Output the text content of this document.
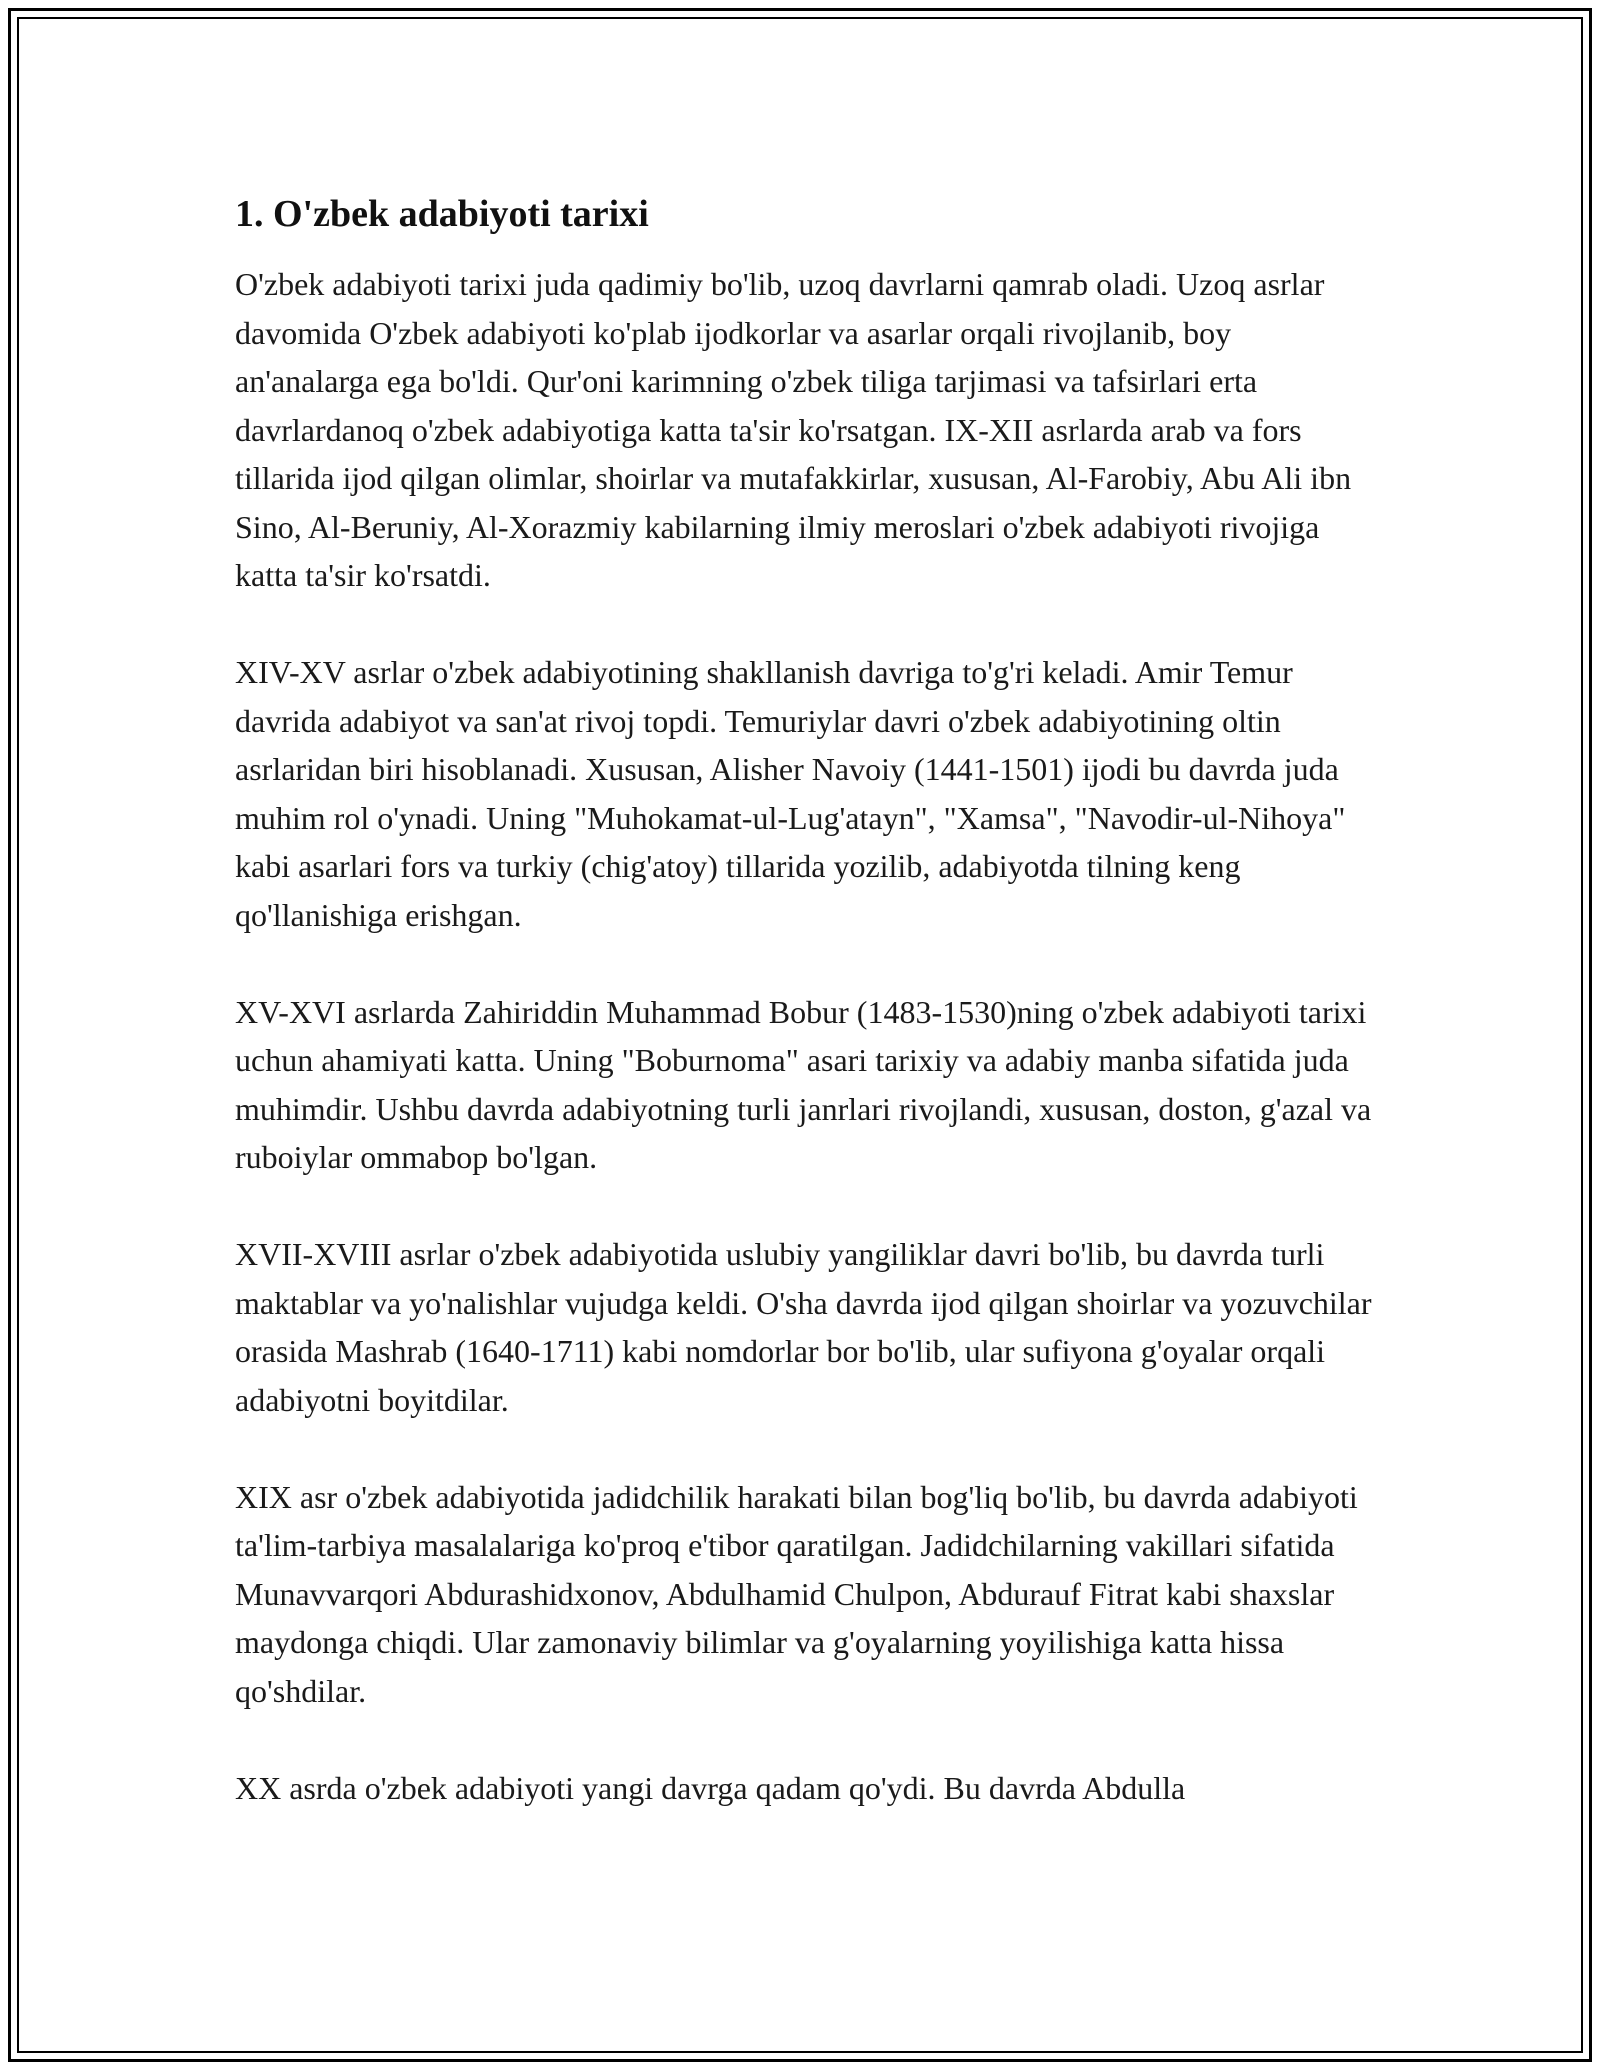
1. O'zbek adabiyoti tarixi

O'zbek adabiyoti tarixi juda qadimiy bo'lib, uzoq davrlarni qamrab oladi. Uzoq asrlar davomida O'zbek adabiyoti ko'plab ijodkorlar va asarlar orqali rivojlanib, boy an'analarga ega bo'ldi. Qur'oni karimning o'zbek tiliga tarjimasi va tafsirlari erta davrlardanoq o'zbek adabiyotiga katta ta'sir ko'rsatgan. IX-XII asrlarda arab va fors tillarida ijod qilgan olimlar, shoirlar va mutafakkirlar, xususan, Al-Farobiy, Abu Ali ibn Sino, Al-Beruniy, Al-Xorazmiy kabilarning ilmiy meroslari o'zbek adabiyoti rivojiga katta ta'sir ko'rsatdi.

XIV-XV asrlar o'zbek adabiyotining shakllanish davriga to'g'ri keladi. Amir Temur davrida adabiyot va san'at rivoj topdi. Temuriylar davri o'zbek adabiyotining oltin asrlaridan biri hisoblanadi. Xususan, Alisher Navoiy (1441-1501) ijodi bu davrda juda muhim rol o'ynadi. Uning "Muhokamat-ul-Lug'atayn", "Xamsa", "Navodir-ul-Nihoya" kabi asarlari fors va turkiy (chig'atoy) tillarida yozilib, adabiyotda tilning keng qo'llanishiga erishgan.

XV-XVI asrlarda Zahiriddin Muhammad Bobur (1483-1530)ning o'zbek adabiyoti tarixi uchun ahamiyati katta. Uning "Boburnoma" asari tarixiy va adabiy manba sifatida juda muhimdir. Ushbu davrda adabiyotning turli janrlari rivojlandi, xususan, doston, g'azal va ruboiylar ommabop bo'lgan.

XVII-XVIII asrlar o'zbek adabiyotida uslubiy yangiliklar davri bo'lib, bu davrda turli maktablar va yo'nalishlar vujudga keldi. O'sha davrda ijod qilgan shoirlar va yozuvchilar orasida Mashrab (1640-1711) kabi nomdorlar bor bo'lib, ular sufiyona g'oyalar orqali adabiyotni boyitdilar.

XIX asr o'zbek adabiyotida jadidchilik harakati bilan bog'liq bo'lib, bu davrda adabiyoti ta'lim-tarbiya masalalariga ko'proq e'tibor qaratilgan. Jadidchilarning vakillari sifatida Munavvarqori Abdurashidxonov, Abdulhamid Chulpon, Abdurauf Fitrat kabi shaxslar maydonga chiqdi. Ular zamonaviy bilimlar va g'oyalarning yoyilishiga katta hissa qo'shdilar.

XX asrda o'zbek adabiyoti yangi davrga qadam qo'ydi. Bu davrda Abdulla
